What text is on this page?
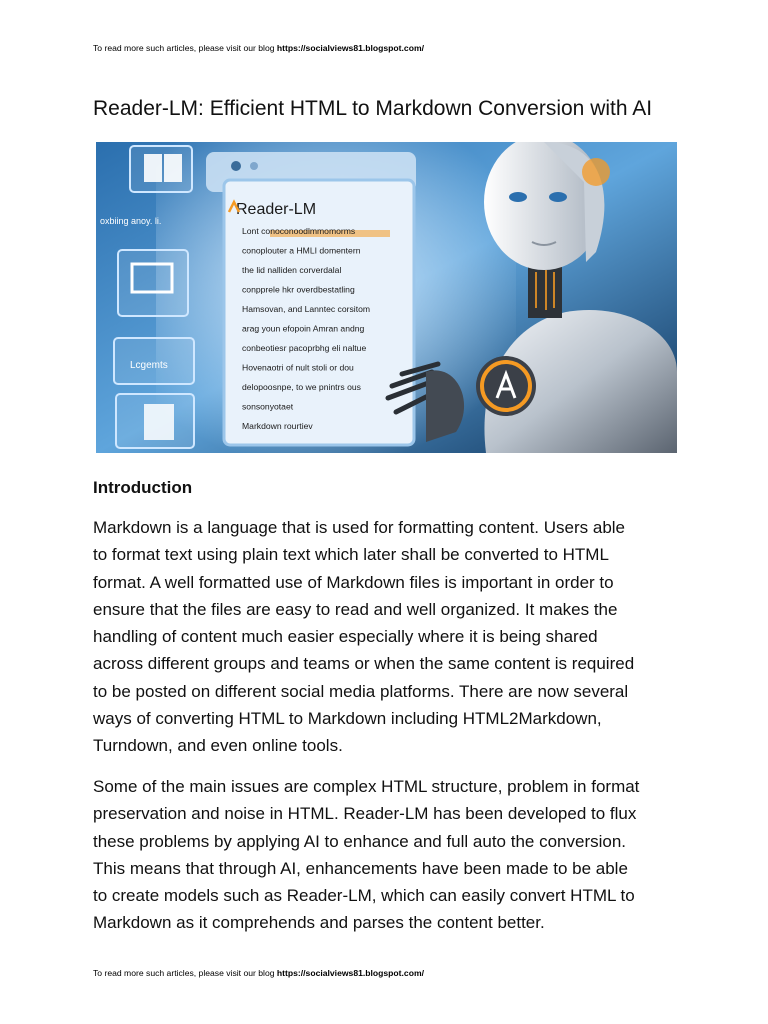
To read more such articles, please visit our blog https://socialviews81.blogspot.com/
Reader-LM: Efficient HTML to Markdown Conversion with AI
oxbiing anoy. li.
Lcgemts
Reader-LM
Lont conoconoodlmmomorms
conoplouter a HMLI domentern
the lid nalliden corverdalal
conpprele hkr overdbestatling
Hamsovan, and Lanntec corsitom
arag youn efopoin Amran andng
conbeotiesr pacoprbhg eli naltue
Hovenaotri of nult stoli or dou
delopoosnpe, to we pnintrs ous
sonsonyotaet
Markdown rourtiev
Introduction

Markdown is a language that is used for formatting content. Users able
to format text using plain text which later shall be converted to HTML
format. A well formatted use of Markdown files is important in order to
ensure that the files are easy to read and well organized. It makes the
handling of content much easier especially where it is being shared
across different groups and teams or when the same content is required
to be posted on different social media platforms. There are now several
ways of converting HTML to Markdown including HTML2Markdown,
Turndown, and even online tools.

Some of the main issues are complex HTML structure, problem in format
preservation and noise in HTML. Reader-LM has been developed to flux
these problems by applying AI to enhance and full auto the conversion.
This means that through AI, enhancements have been made to be able
to create models such as Reader-LM, which can easily convert HTML to
Markdown as it comprehends and parses the content better.

To read more such articles, please visit our blog https://socialviews81.blogspot.com/
